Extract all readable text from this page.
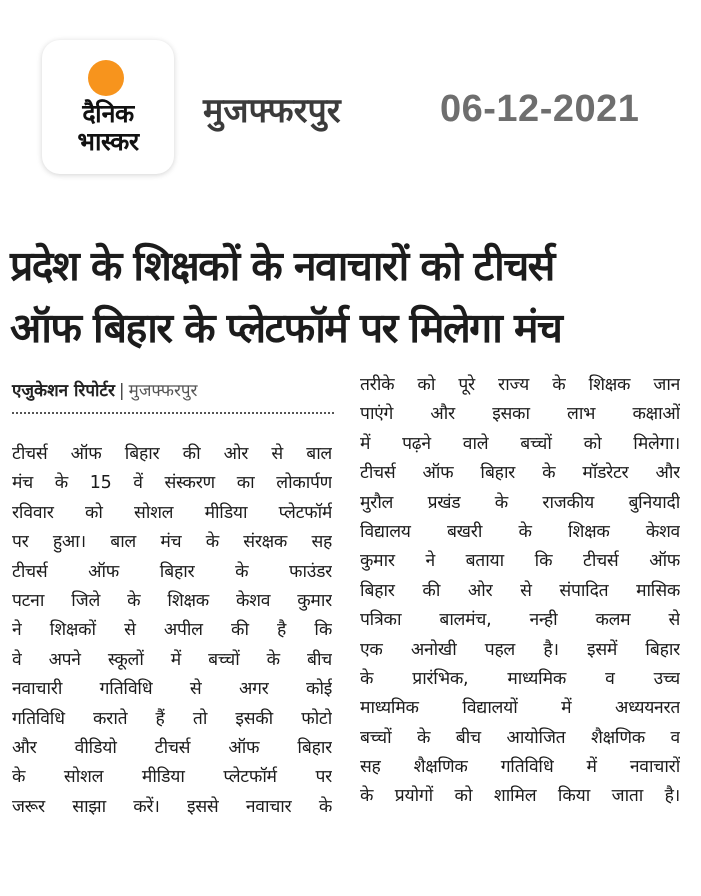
दैनिक
भास्कर
मुजफ्फरपुर	06-12-2021
प्रदेश के शिक्षकों के नवाचारों को टीचर्स
ऑफ बिहार के प्लेटफॉर्म पर मिलेगा मंच
एजुकेशन रिपोर्टर | मुजफ्फरपुर

टीचर्स ऑफ बिहार की ओर से बाल

मंच के 15 वें संस्करण का लोकार्पण

रविवार को सोशल मीडिया प्लेटफॉर्म

पर हुआ। बाल मंच के संरक्षक सह

टीचर्स ऑफ बिहार के फाउंडर

पटना जिले के शिक्षक केशव कुमार

ने शिक्षकों से अपील की है कि

वे अपने स्कूलों में बच्चों के बीच

नवाचारी गतिविधि से अगर कोई

गतिविधि कराते हैं तो इसकी फोटो

और वीडियो टीचर्स ऑफ बिहार

के सोशल मीडिया प्लेटफॉर्म पर

जरूर साझा करें। इससे नवाचार के

तरीके को पूरे राज्य के शिक्षक जान

पाएंगे और इसका लाभ कक्षाओं

में पढ़ने वाले बच्चों को मिलेगा।

टीचर्स ऑफ बिहार के मॉडरेटर और

मुरौल प्रखंड के राजकीय बुनियादी

विद्यालय बखरी के शिक्षक केशव

कुमार ने बताया कि टीचर्स ऑफ

बिहार की ओर से संपादित मासिक

पत्रिका बालमंच, नन्ही कलम से

एक अनोखी पहल है। इसमें बिहार

के प्रारंभिक, माध्यमिक व उच्च

माध्यमिक विद्यालयों में अध्ययनरत

बच्चों के बीच आयोजित शैक्षणिक व

सह शैक्षणिक गतिविधि में नवाचारों

के प्रयोगों को शामिल किया जाता है।
